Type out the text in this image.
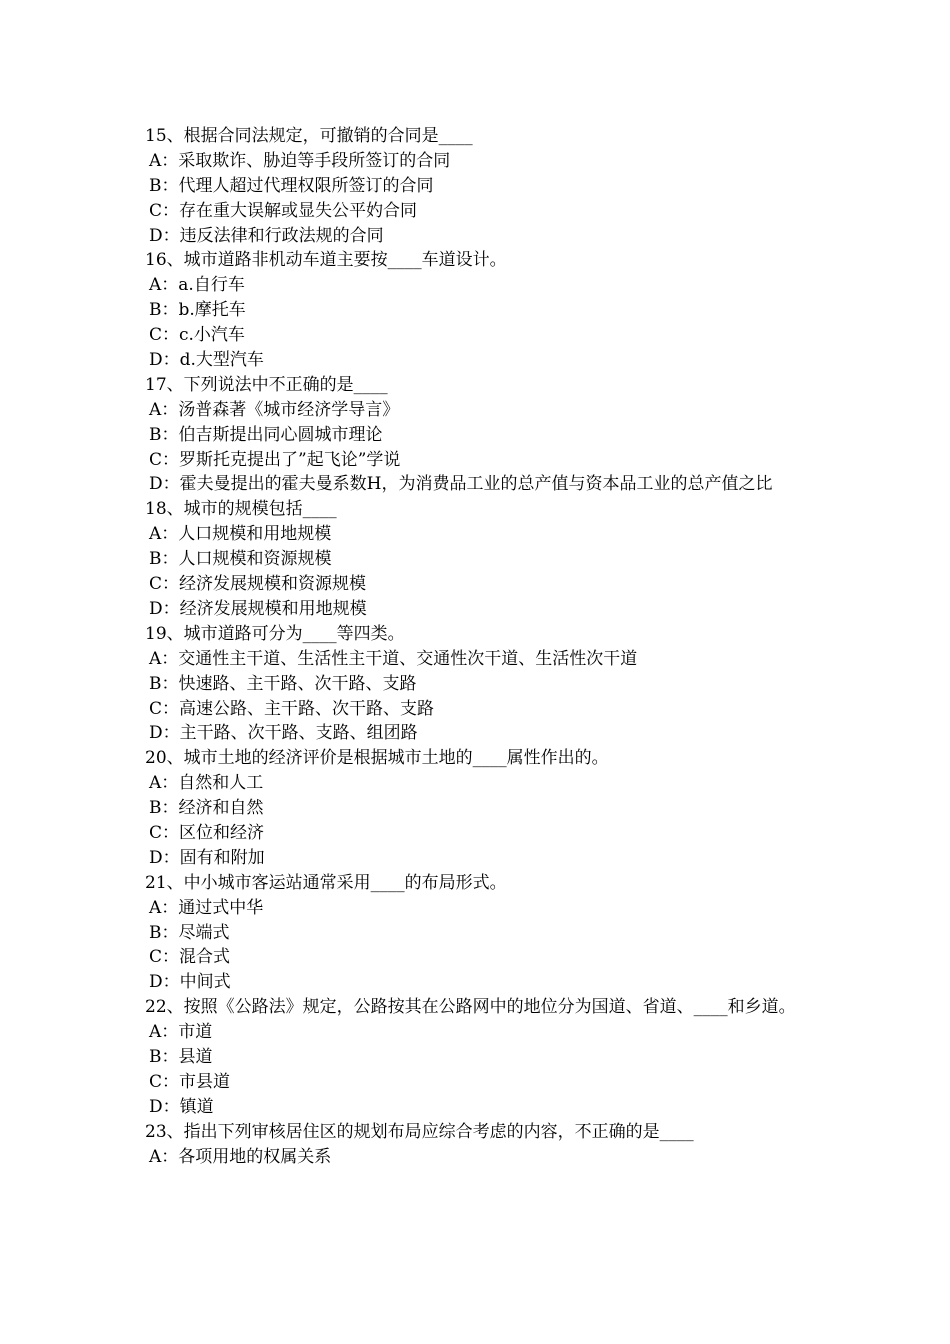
15、根据合同法规定，可撤销的合同是____
A：采取欺诈、胁迫等手段所签订的合同
B：代理人超过代理权限所签订的合同
C：存在重大误解或显失公平妁合同
D：违反法律和行政法规的合同
16、城市道路非机动车道主要按____车道设计。
A：a.自行车
B：b.摩托车
C：c.小汽车
D：d.大型汽车
17、下列说法中不正确的是____
A：汤普森著《城市经济学导言》
B：伯吉斯提出同心圆城市理论
C：罗斯托克提出了”起飞论”学说
D：霍夫曼提出的霍夫曼系数H，为消费品工业的总产值与资本品工业的总产值之比
18、城市的规模包括____
A：人口规模和用地规模
B：人口规模和资源规模
C：经济发展规模和资源规模
D：经济发展规模和用地规模
19、城市道路可分为____等四类。
A：交通性主干道、生活性主干道、交通性次干道、生活性次干道
B：快速路、主干路、次干路、支路
C：高速公路、主干路、次干路、支路
D：主干路、次干路、支路、组团路
20、城市土地的经济评价是根据城市土地的____属性作出的。
A：自然和人工
B：经济和自然
C：区位和经济
D：固有和附加
21、中小城市客运站通常采用____的布局形式。
A：通过式中华
B：尽端式
C：混合式
D：中间式
22、按照《公路法》规定，公路按其在公路网中的地位分为国道、省道、____和乡道。
A：市道
B：县道
C：市县道
D：镇道
23、指出下列审核居住区的规划布局应综合考虑的内容，不正确的是____
A：各项用地的权属关系
